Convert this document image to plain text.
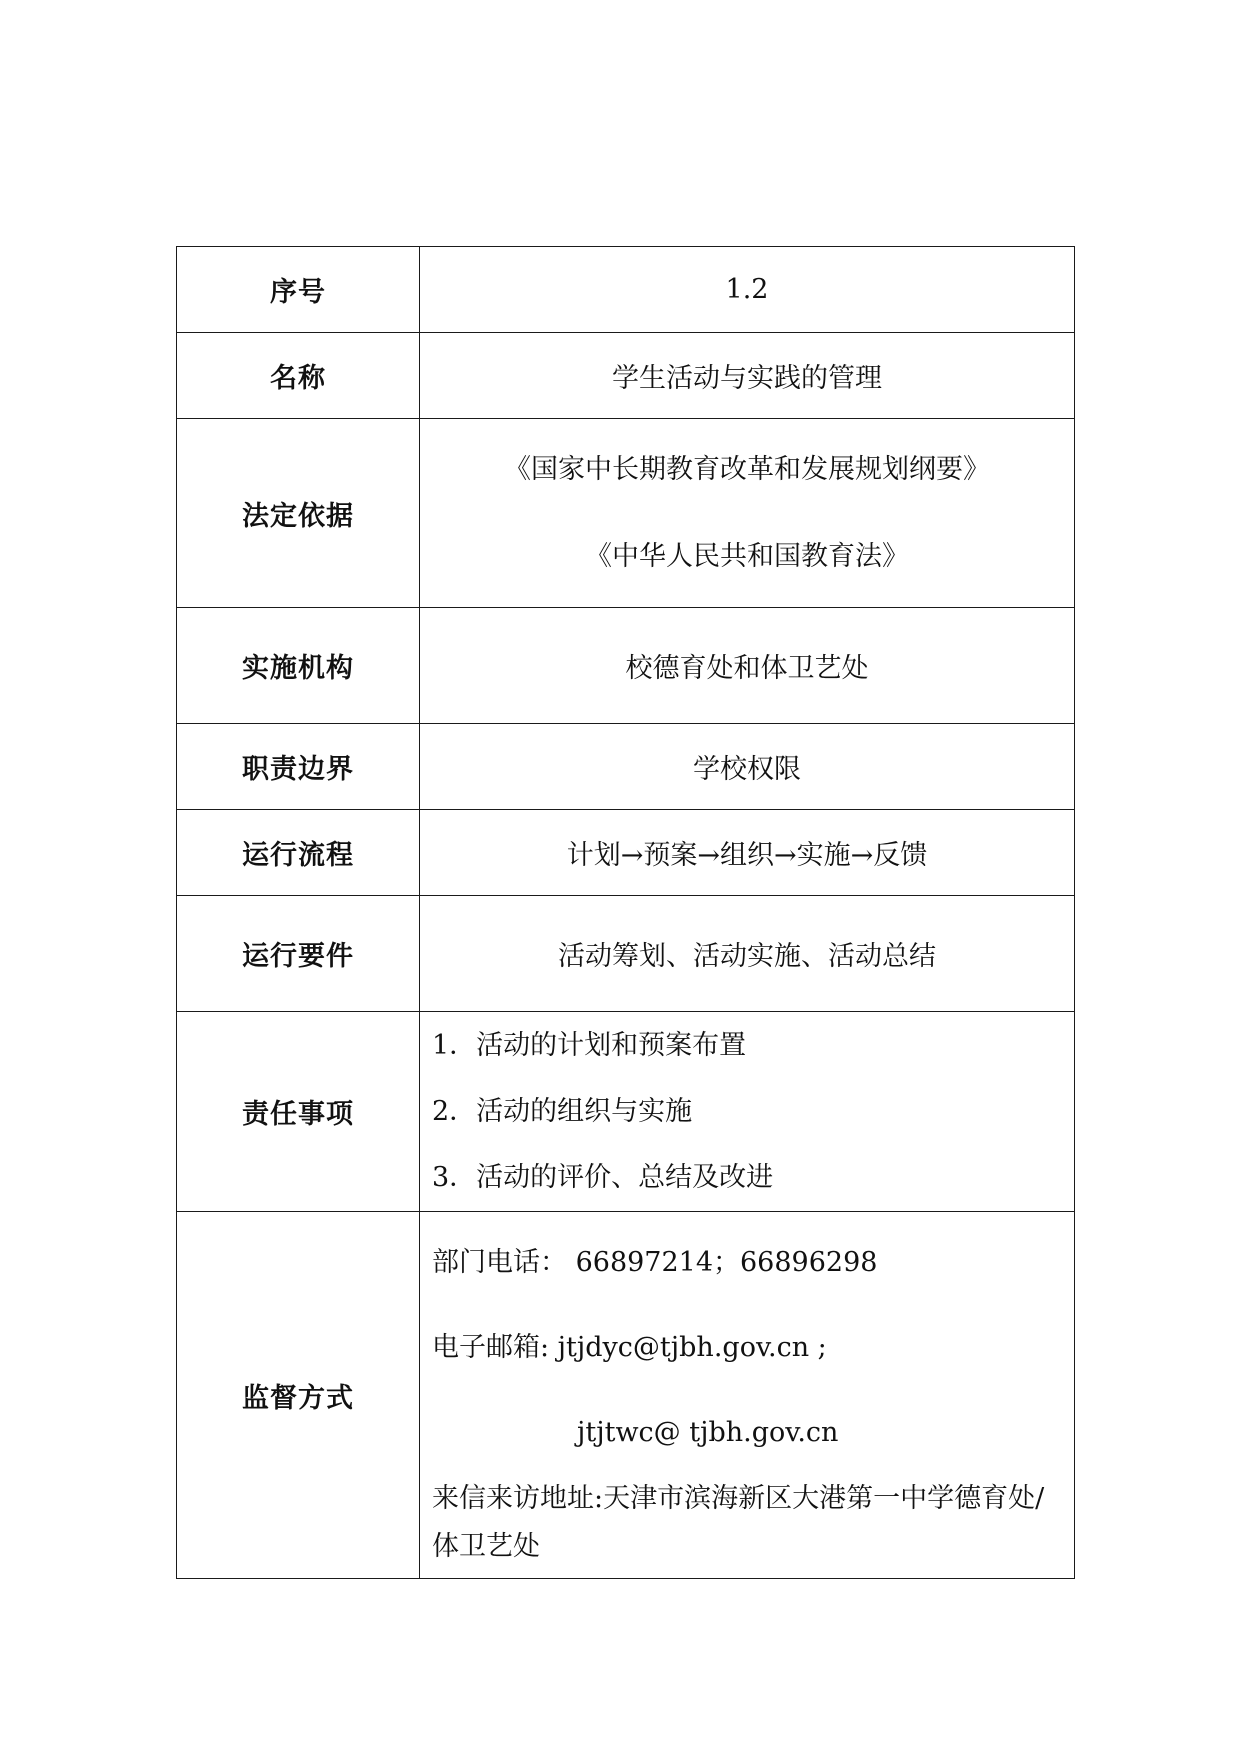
序号	1.2
名称	学生活动与实践的管理
法定依据	《国家中长期教育改革和发展规划纲要》
《中华人民共和国教育法》

实施机构	校德育处和体卫艺处
职责边界	学校权限
运行流程	计划→预案→组织→实施→反馈
运行要件	活动筹划、活动实施、活动总结
责任事项	1．活动的计划和预案布置
2．活动的组织与实施
3．活动的评价、总结及改进

监督方式	部门电话： 66897214；66896298
电子邮箱: jtjdyc@tjbh.gov.cn ;
jtjtwc@ tjbh.gov.cn
来信来访地址:天津市滨海新区大港第一中学德育处/体卫艺处
